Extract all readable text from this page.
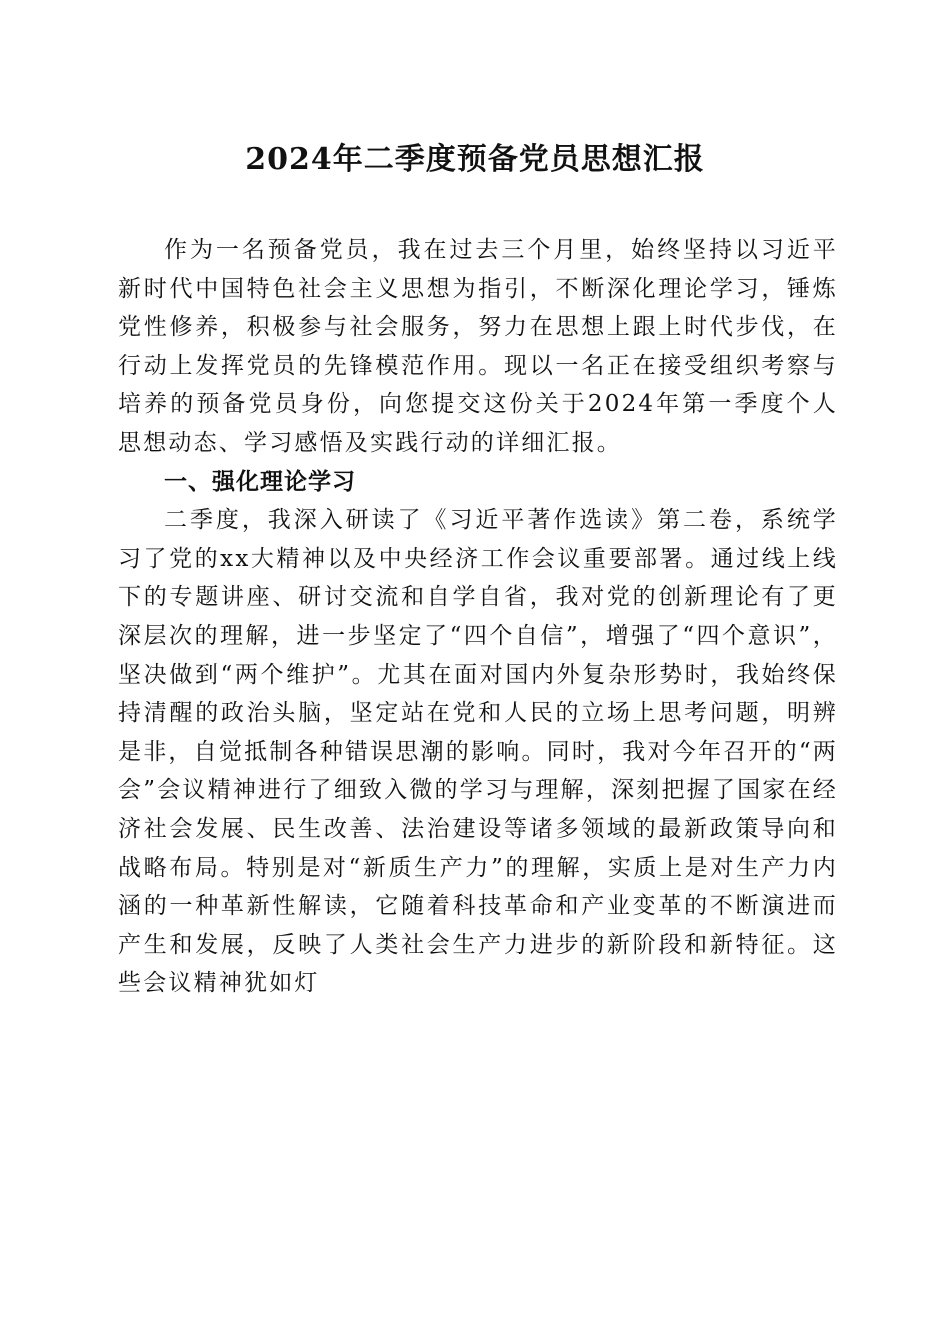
2024年二季度预备党员思想汇报

作为一名预备党员，我在过去三个月里，始终坚持以习近平新时代中国特色社会主义思想为指引，不断深化理论学习，锤炼党性修养，积极参与社会服务，努力在思想上跟上时代步伐，在行动上发挥党员的先锋模范作用。现以一名正在接受组织考察与培养的预备党员身份，向您提交这份关于2024年第一季度个人思想动态、学习感悟及实践行动的详细汇报。

一、强化理论学习

二季度，我深入研读了《习近平著作选读》第二卷，系统学习了党的xx大精神以及中央经济工作会议重要部署。通过线上线下的专题讲座、研讨交流和自学自省，我对党的创新理论有了更深层次的理解，进一步坚定了“四个自信”，增强了“四个意识”，坚决做到“两个维护”。尤其在面对国内外复杂形势时，我始终保持清醒的政治头脑，坚定站在党和人民的立场上思考问题，明辨是非，自觉抵制各种错误思潮的影响。同时，我对今年召开的“两会”会议精神进行了细致入微的学习与理解，深刻把握了国家在经济社会发展、民生改善、法治建设等诸多领域的最新政策导向和战略布局。特别是对“新质生产力”的理解，实质上是对生产力内涵的一种革新性解读，它随着科技革命和产业变革的不断演进而产生和发展，反映了人类社会生产力进步的新阶段和新特征。这些会议精神犹如灯
